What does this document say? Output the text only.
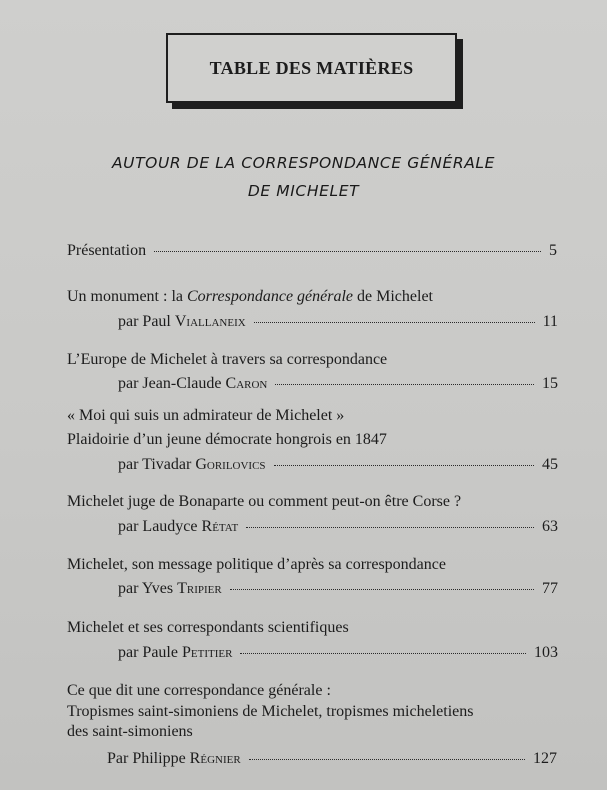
TABLE DES MATIÈRES
AUTOUR DE LA CORRESPONDANCE GÉNÉRALE
DE MICHELET
Présentation	5
Un monument : la Correspondance générale de Michelet
par Paul Viallaneix	11
L’Europe de Michelet à travers sa correspondance
par Jean-Claude Caron	15
« Moi qui suis un admirateur de Michelet »
Plaidoirie d’un jeune démocrate hongrois en 1847
par Tivadar Gorilovics	45
Michelet juge de Bonaparte ou comment peut-on être Corse ?
par Laudyce Rétat	63
Michelet, son message politique d’après sa correspondance
par Yves Tripier	77
Michelet et ses correspondants scientifiques
par Paule Petitier	103
Ce que dit une correspondance générale :
Tropismes saint-simoniens de Michelet, tropismes micheletiens
des saint-simoniens
Par Philippe Régnier	127
